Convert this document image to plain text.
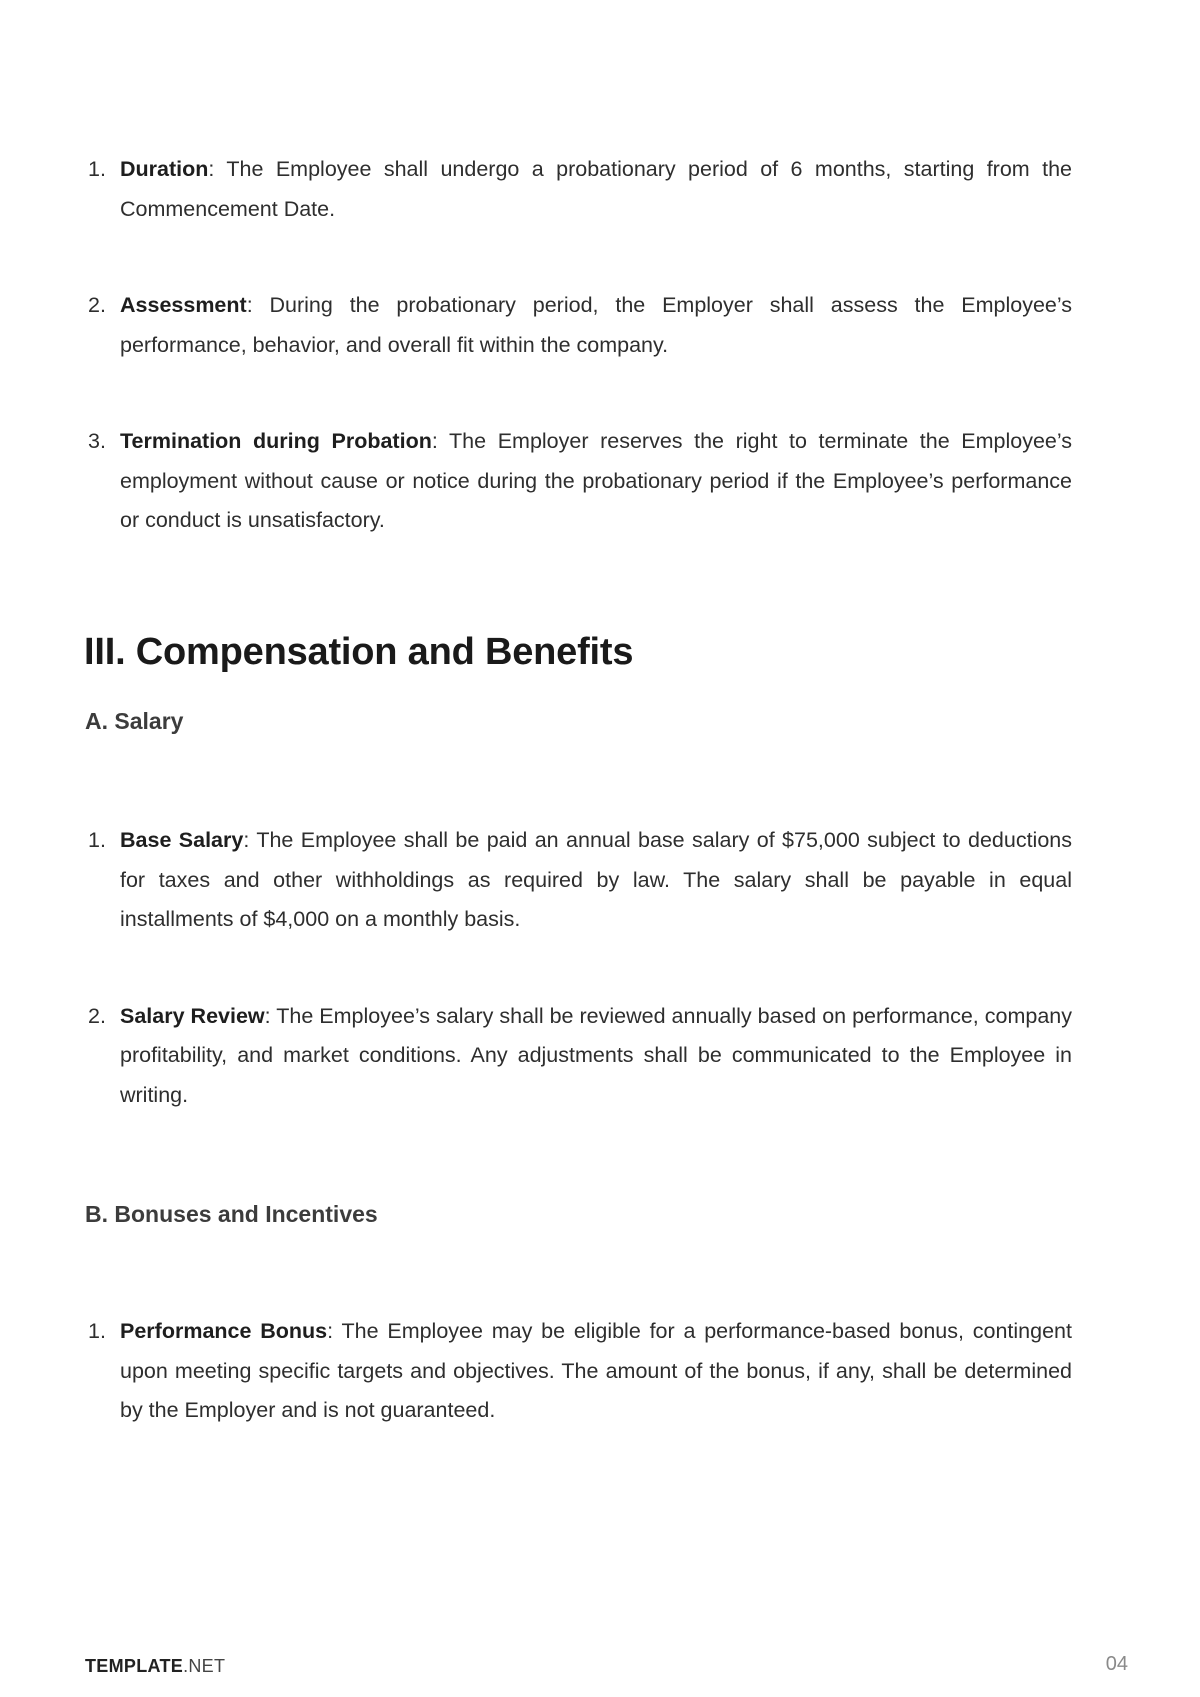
1. Duration: The Employee shall undergo a probationary period of 6 months, starting from the Commencement Date.
2. Assessment: During the probationary period, the Employer shall assess the Employee’s performance, behavior, and overall fit within the company.
3. Termination during Probation: The Employer reserves the right to terminate the Employee’s employment without cause or notice during the probationary period if the Employee’s performance or conduct is unsatisfactory.
III. Compensation and Benefits
A. Salary
1. Base Salary: The Employee shall be paid an annual base salary of $75,000 subject to deductions for taxes and other withholdings as required by law. The salary shall be payable in equal installments of $4,000 on a monthly basis.
2. Salary Review: The Employee’s salary shall be reviewed annually based on performance, company profitability, and market conditions. Any adjustments shall be communicated to the Employee in writing.
B. Bonuses and Incentives
1. Performance Bonus: The Employee may be eligible for a performance-based bonus, contingent upon meeting specific targets and objectives. The amount of the bonus, if any, shall be determined by the Employer and is not guaranteed.
TEMPLATE.NET	04
